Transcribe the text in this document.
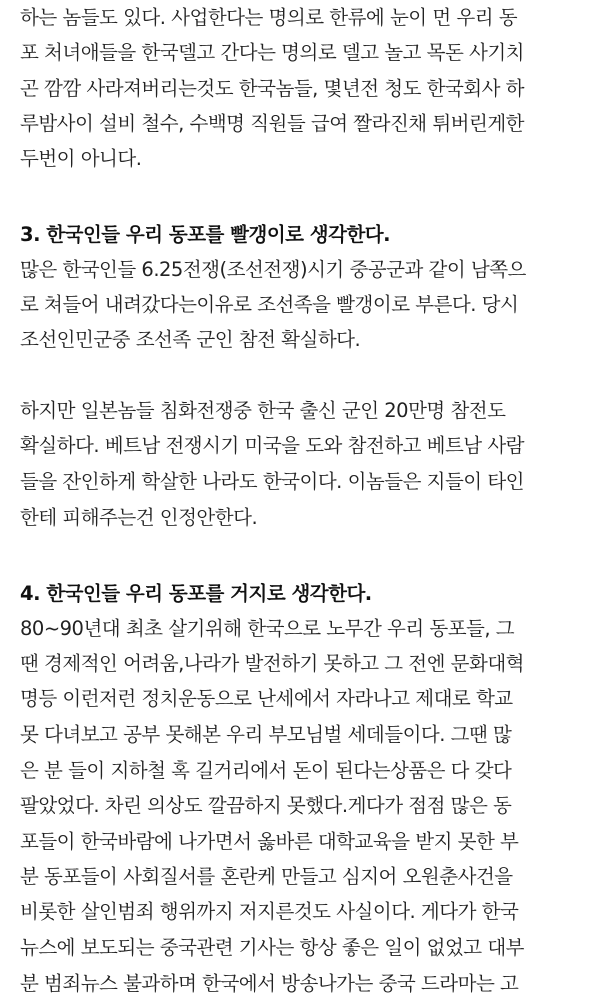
하는 놈들도 있다. 사업한다는 명의로 한류에 눈이 먼 우리 동
포 처녀애들을 한국델고 간다는 명의로 델고 놀고 목돈 사기치
곤 깜깜 사라져버리는것도 한국놈들, 몇년전 청도 한국회사 하
루밤사이 설비 철수, 수백명 직원들 급여 짤라진채 튀버린게한
두번이 아니다.
3. 한국인들 우리 동포를 빨갱이로 생각한다.
많은 한국인들 6.25전쟁(조선전쟁)시기 중공군과 같이 남쪽으
로 쳐들어 내려갔다는이유로 조선족을 빨갱이로 부른다. 당시
조선인민군중 조선족 군인 참전 확실하다.
하지만 일본놈들 침화전쟁중 한국 출신 군인 20만명 참전도
확실하다. 베트남 전쟁시기 미국을 도와 참전하고 베트남 사람
들을 잔인하게 학살한 나라도 한국이다. 이놈들은 지들이 타인
한테 피해주는건 인정안한다.
4. 한국인들 우리 동포를 거지로 생각한다.
80~90년대 최초 살기위해 한국으로 노무간 우리 동포들, 그
땐 경제적인 어려움,나라가 발전하기 못하고 그 전엔 문화대혁
명등 이런저런 정치운동으로 난세에서 자라나고 제대로 학교
못 다녀보고 공부 못해본 우리 부모님벌 세데들이다. 그땐 많
은 분 들이 지하철 혹 길거리에서 돈이 된다는상품은 다 갖다
팔았었다. 차린 의상도 깔끔하지 못했다.게다가 점점 많은 동
포들이 한국바람에 나가면서 옳바른 대학교육을 받지 못한 부
분 동포들이 사회질서를 혼란케 만들고 심지어 오원춘사건을
비롯한 살인범죄 행위까지 저지른것도 사실이다. 게다가 한국
뉴스에 보도되는 중국관련 기사는 항상 좋은 일이 없었고 대부
분 범죄뉴스 불과하며 한국에서 방송나가는 중국 드라마는 고
